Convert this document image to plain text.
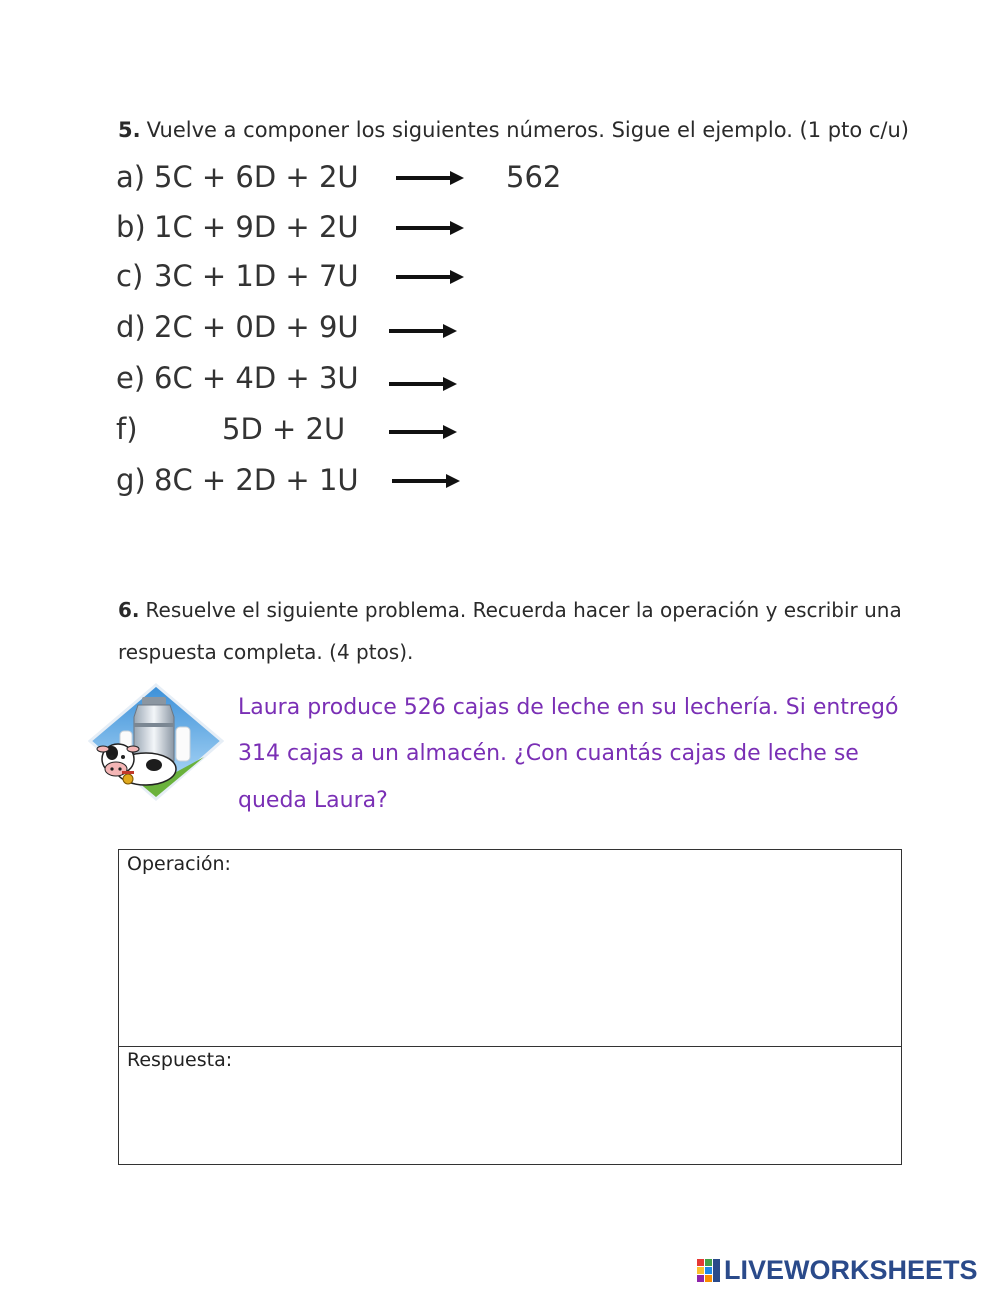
5. Vuelve a componer los siguientes números. Sigue el ejemplo. (1 pto c/u)
a) 5C + 6D + 2U	562
b) 1C + 9D + 2U
c) 3C + 1D + 7U
d) 2C + 0D + 9U
e) 6C + 4D + 3U
f)	5D + 2U
g) 8C + 2D + 1U
6. Resuelve el siguiente problema. Recuerda hacer la operación y escribir una
respuesta completa. (4 ptos).
Laura produce 526 cajas de leche en su lechería. Si entregó
314 cajas a un almacén. ¿Con cuantás cajas de leche se
queda Laura?
Operación:
Respuesta:
LIVEWORKSHEETS
